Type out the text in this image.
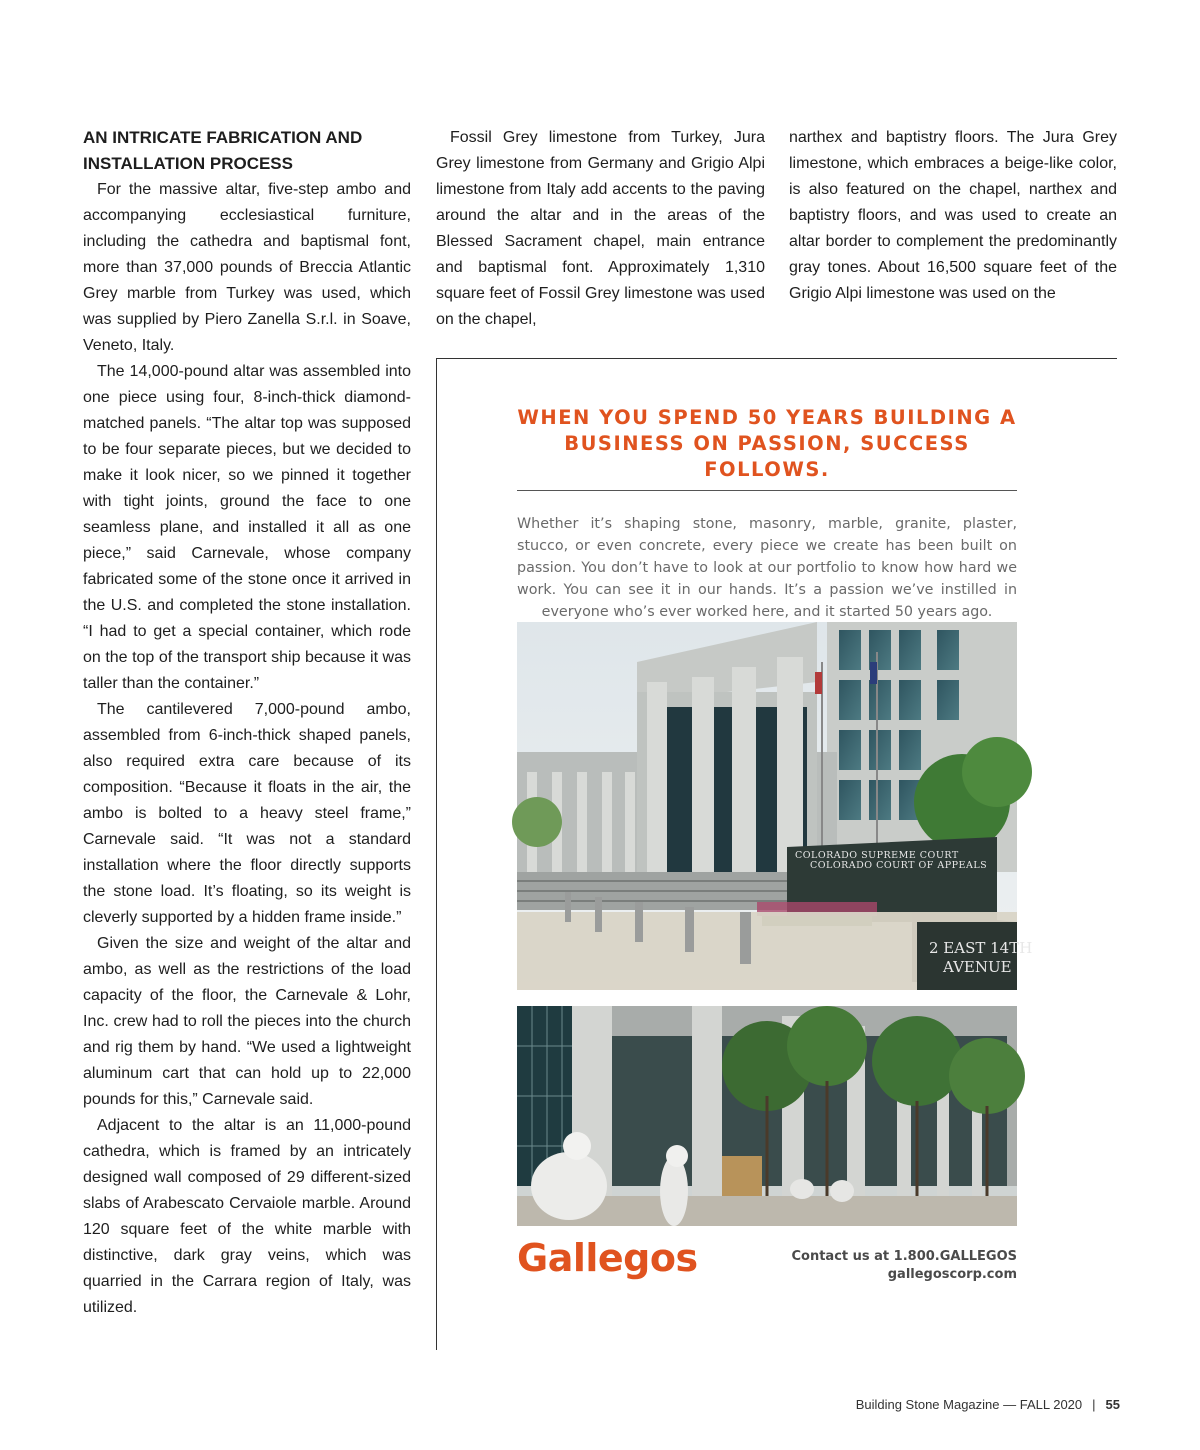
AN INTRICATE FABRICATION AND INSTALLATION PROCESS

For the massive altar, five-step ambo and accompanying ecclesiastical furniture, including the cathedra and baptismal font, more than 37,000 pounds of Breccia Atlantic Grey marble from Turkey was used, which was supplied by Piero Zanella S.r.l. in Soave, Veneto, Italy.

The 14,000-pound altar was assembled into one piece using four, 8-inch-thick diamond-matched panels. “The altar top was supposed to be four separate pieces, but we decided to make it look nicer, so we pinned it together with tight joints, ground the face to one seamless plane, and installed it all as one piece,” said Carnevale, whose company fabricated some of the stone once it arrived in the U.S. and completed the stone installation. “I had to get a special container, which rode on the top of the transport ship because it was taller than the container.”

The cantilevered 7,000-pound ambo, assembled from 6-inch-thick shaped panels, also required extra care because of its composition. “Because it floats in the air, the ambo is bolted to a heavy steel frame,” Carnevale said. “It was not a standard installation where the floor directly supports the stone load. It’s floating, so its weight is cleverly supported by a hidden frame inside.”

Given the size and weight of the altar and ambo, as well as the restrictions of the load capacity of the floor, the Carnevale & Lohr, Inc. crew had to roll the pieces into the church and rig them by hand. “We used a lightweight aluminum cart that can hold up to 22,000 pounds for this,” Carnevale said.

Adjacent to the altar is an 11,000-pound cathedra, which is framed by an intricately designed wall composed of 29 different-sized slabs of Arabescato Cervaiole marble. Around 120 square feet of the white marble with distinctive, dark gray veins, which was quarried in the Carrara region of Italy, was utilized.

Fossil Grey limestone from Turkey, Jura Grey limestone from Germany and Grigio Alpi limestone from Italy add accents to the paving around the altar and in the areas of the Blessed Sacrament chapel, main entrance and baptismal font. Approximately 1,310 square feet of Fossil Grey limestone was used on the chapel,

narthex and baptistry floors. The Jura Grey limestone, which embraces a beige-like color, is also featured on the chapel, narthex and baptistry floors, and was used to create an altar border to complement the predominantly gray tones. About 16,500 square feet of the Grigio Alpi limestone was used on the

WHEN YOU SPEND 50 YEARS BUILDING A

BUSINESS ON PASSION, SUCCESS FOLLOWS.

Whether it’s shaping stone, masonry, marble, granite, plaster, stucco, or even concrete, every piece we create has been built on passion. You don’t have to look at our portfolio to know how hard we work. You can see it in our hands. It’s a passion we’ve instilled in everyone who’s ever worked here, and it started 50 years ago.

COLORADO SUPREME COURT
COLORADO COURT OF APPEALS
2 EAST 14TH
AVENUE
Gallegos	Contact us at 1.800.GALLEGOS
gallegoscorp.com
Building Stone Magazine — FALL 2020 | 55
